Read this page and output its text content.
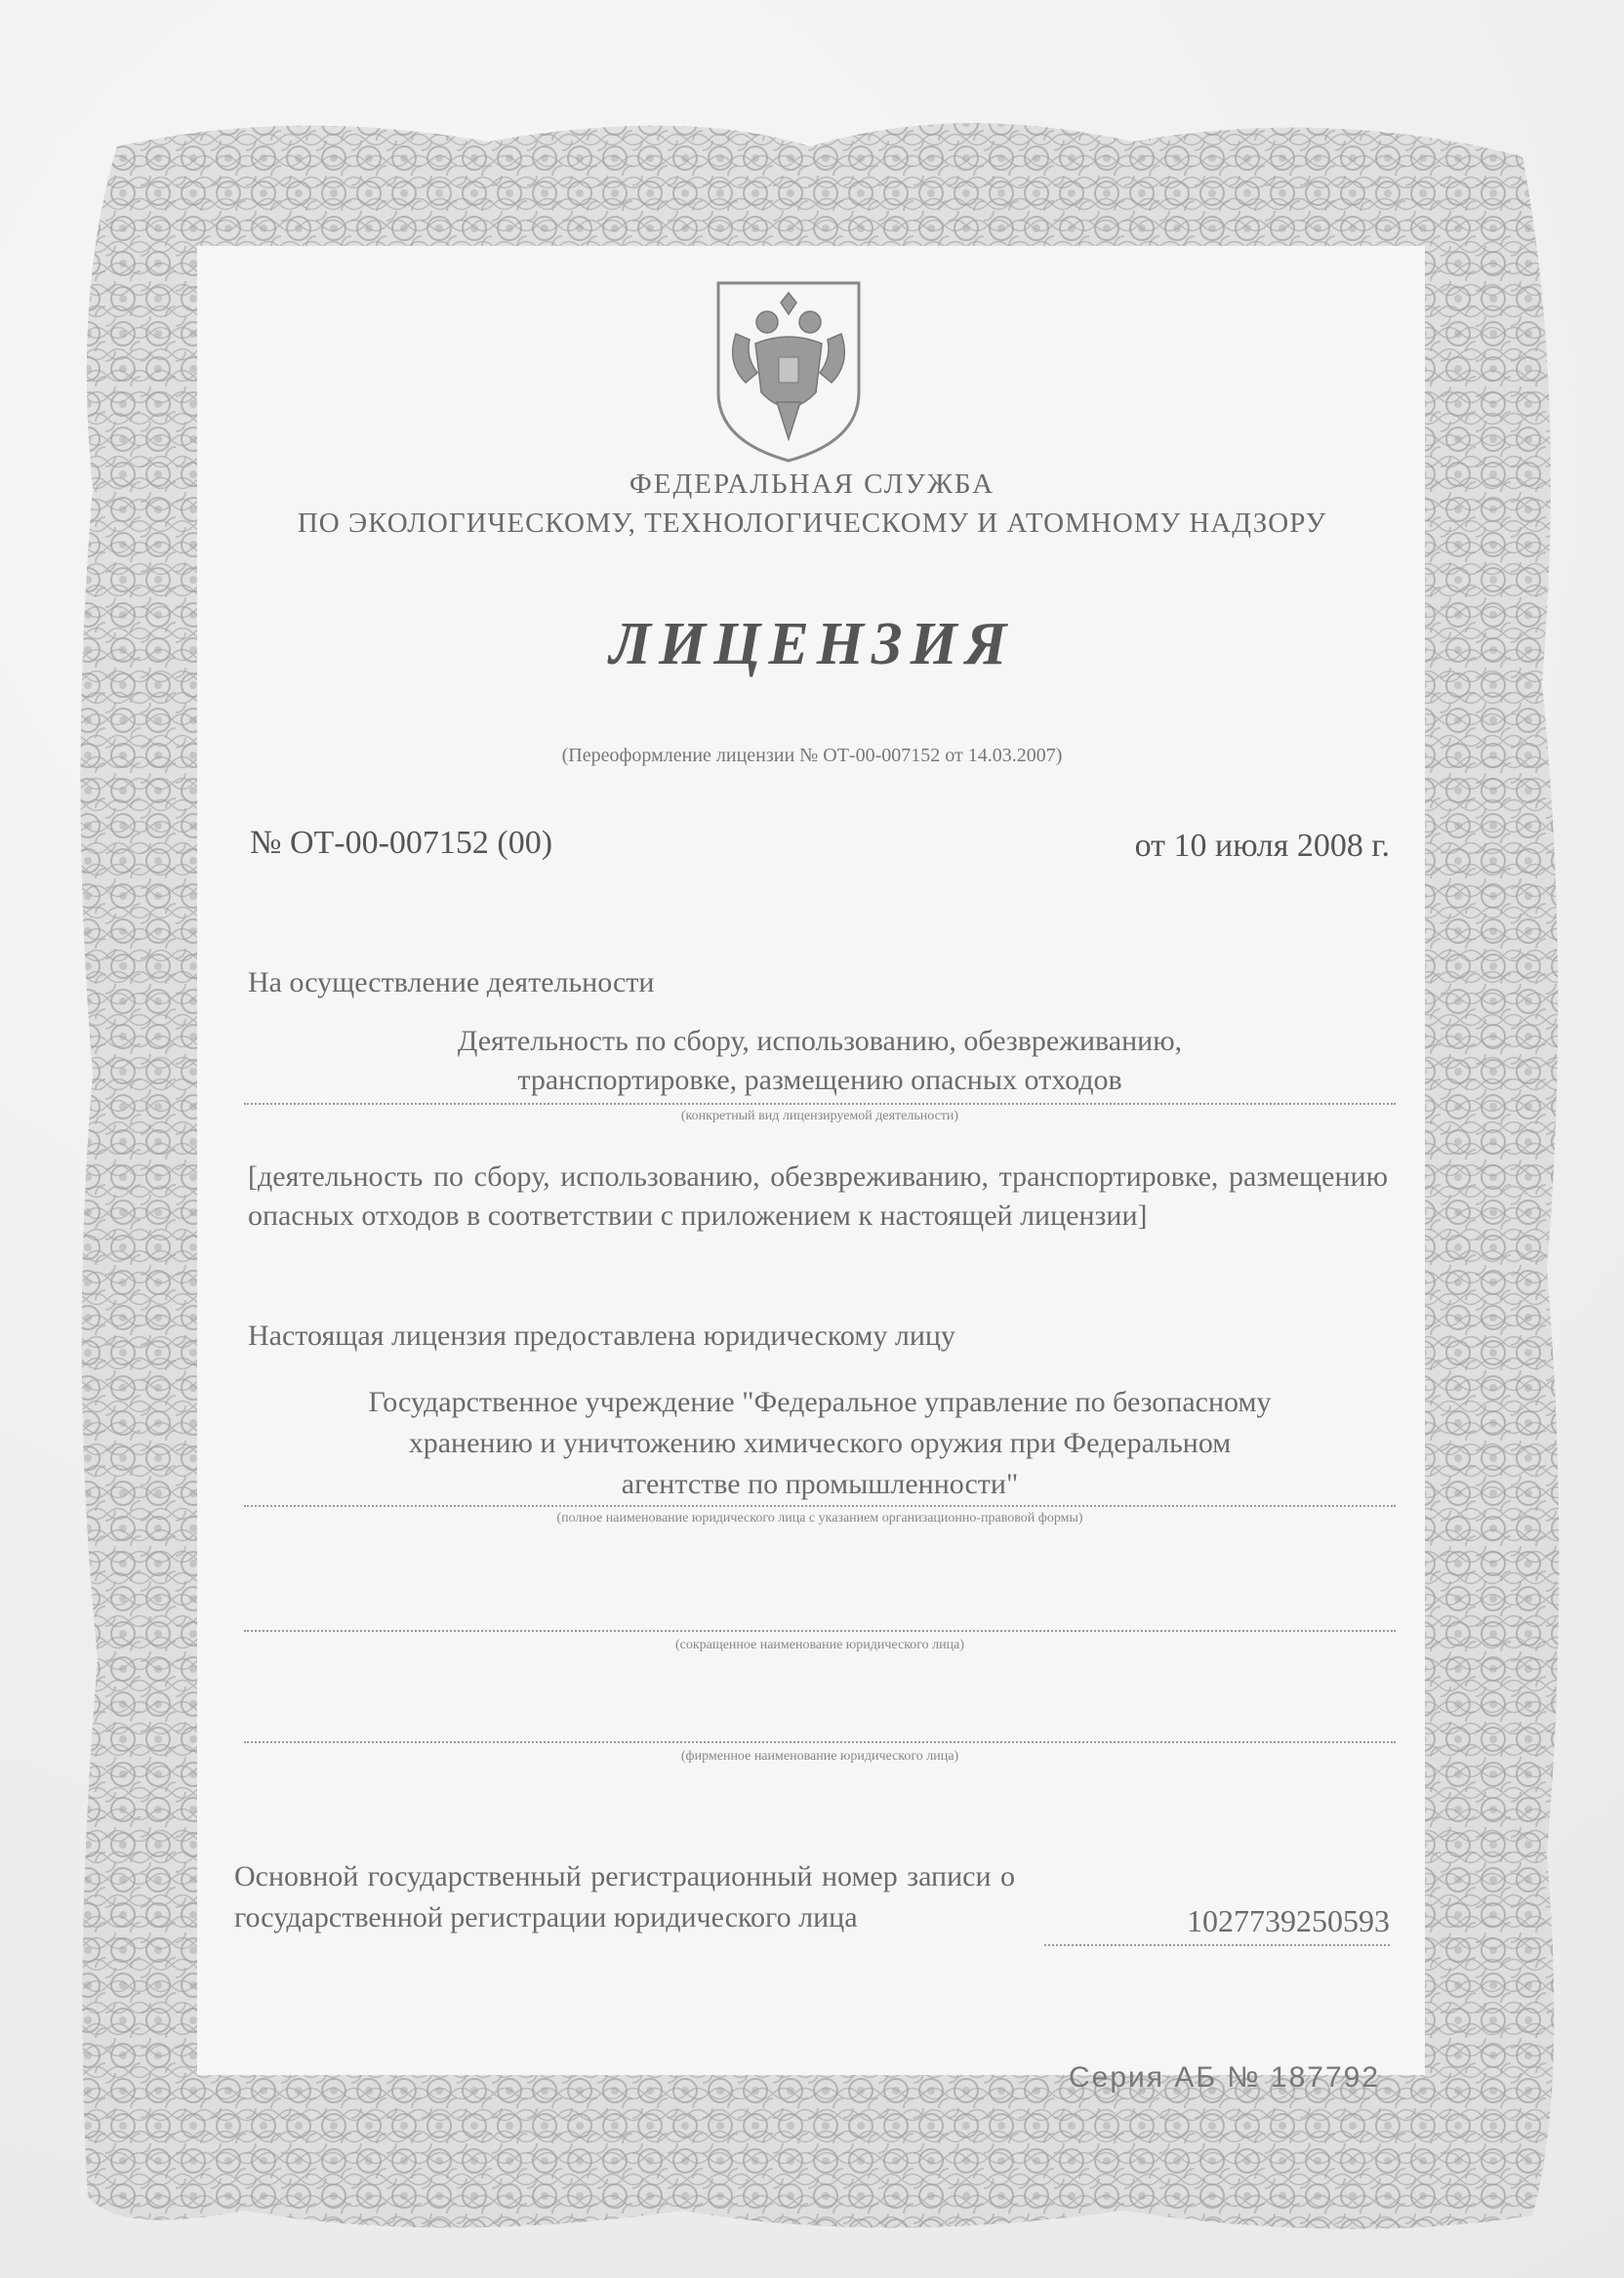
ФЕДЕРАЛЬНАЯ СЛУЖБА
ПО ЭКОЛОГИЧЕСКОМУ, ТЕХНОЛОГИЧЕСКОМУ И АТОМНОМУ НАДЗОРУ
ЛИЦЕНЗИЯ
(Переоформление лицензии № ОТ-00-007152 от 14.03.2007)
№ ОТ-00-007152 (00)	от 10 июля 2008 г.
На осуществление деятельности
Деятельность по сбору, использованию, обезвреживанию,
транспортировке, размещению опасных отходов
(конкретный вид лицензируемой деятельности)
[деятельность по сбору, использованию, обезвреживанию, транспортировке, размещению опасных отходов в соответствии с приложением к настоящей лицензии]
Настоящая лицензия предоставлена юридическому лицу
Государственное учреждение "Федеральное управление по безопасному
хранению и уничтожению химического оружия при Федеральном
агентстве по промышленности"
(полное наименование юридического лица с указанием организационно-правовой формы)
(сокращенное наименование юридического лица)
(фирменное наименование юридического лица)
Основной государственный регистрационный номер записи о государственной регистрации юридического лица	1027739250593
Серия АБ № 187792
